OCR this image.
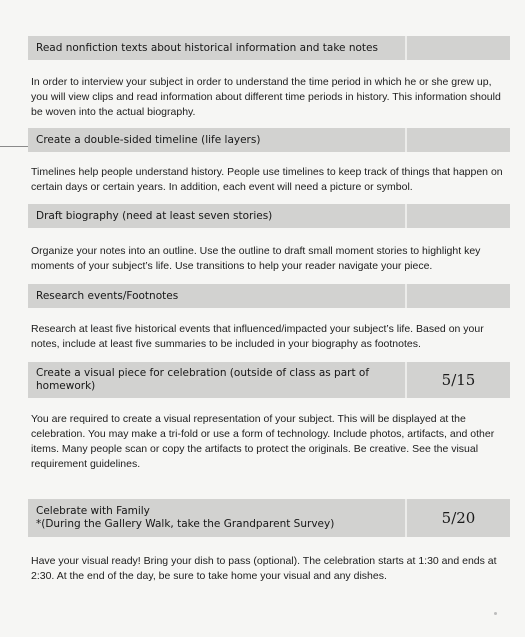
Read nonfiction texts about historical information and take notes

In order to interview your subject in order to understand the time period in which he or she grew up, you will view clips and read information about different time periods in history. This information should be woven into the actual biography.

Create a double-sided timeline (life layers)

Timelines help people understand history. People use timelines to keep track of things that happen on certain days or certain years. In addition, each event will need a picture or symbol.

Draft biography (need at least seven stories)

Organize your notes into an outline. Use the outline to draft small moment stories to highlight key moments of your subject’s life. Use transitions to help your reader navigate your piece.

Research events/Footnotes

Research at least five historical events that influenced/impacted your subject’s life. Based on your notes, include at least five summaries to be included in your biography as footnotes.

Create a visual piece for celebration (outside of class as part of
homework)	5/15

You are required to create a visual representation of your subject. This will be displayed at the celebration. You may make a tri-fold or use a form of technology. Include photos, artifacts, and other items. Many people scan or copy the artifacts to protect the originals. Be creative. See the visual requirement guidelines.

Celebrate with Family
*(During the Gallery Walk, take the Grandparent Survey)	5/20

Have your visual ready! Bring your dish to pass (optional). The celebration starts at 1:30 and ends at 2:30. At the end of the day, be sure to take home your visual and any dishes.
